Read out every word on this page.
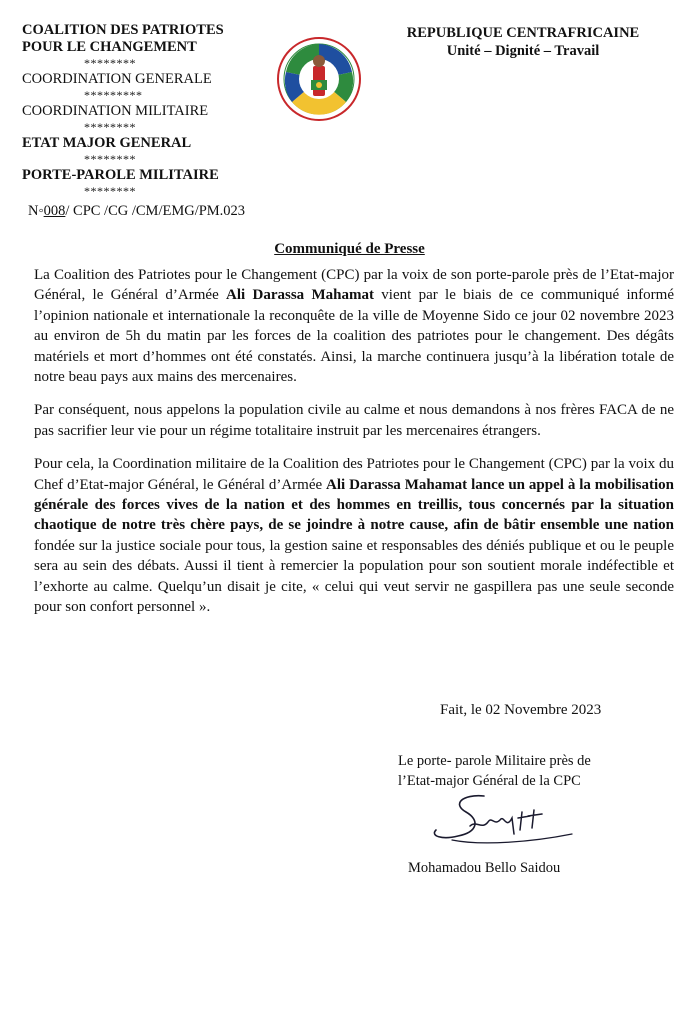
COALITION DES PATRIOTES
POUR LE CHANGEMENT
********
COORDINATION GENERALE
*********
COORDINATION MILITAIRE
********
ETAT MAJOR GENERAL
********
PORTE-PAROLE MILITAIRE
********
N◦008/ CPC /CG /CM/EMG/PM.023
REPUBLIQUE CENTRAFRICAINE
Unité – Dignité – Travail
Communiqué de Presse

La Coalition des Patriotes pour le Changement (CPC) par la voix de son porte-parole près de l’Etat-major Général, le Général d’Armée Ali Darassa Mahamat vient par le biais de ce communiqué informé l’opinion nationale et internationale la reconquête de la ville de Moyenne Sido ce jour 02 novembre 2023 au environ de 5h du matin par les forces de la coalition des patriotes pour le changement. Des dégâts matériels et mort d’hommes ont été constatés. Ainsi, la marche continuera jusqu’à la libération totale de notre beau pays aux mains des mercenaires.

Par conséquent, nous appelons la population civile au calme et nous demandons à nos frères FACA de ne pas sacrifier leur vie pour un régime totalitaire instruit par les mercenaires étrangers.

Pour cela, la Coordination militaire de la Coalition des Patriotes pour le Changement (CPC) par la voix du Chef d’Etat-major Général, le Général d’Armée Ali Darassa Mahamat lance un appel à la mobilisation générale des forces vives de la nation et des hommes en treillis, tous concernés par la situation chaotique de notre très chère pays, de se joindre à notre cause, afin de bâtir ensemble une nation fondée sur la justice sociale pour tous, la gestion saine et responsables des déniés publique et ou le peuple sera au sein des débats. Aussi il tient à remercier la population pour son soutient morale indéfectible et l’exhorte au calme. Quelqu’un disait je cite, « celui qui veut servir ne gaspillera pas une seule seconde pour son confort personnel ».

Fait, le 02 Novembre 2023
Le porte- parole Militaire près de
l’Etat-major Général de la CPC
Mohamadou Bello Saidou
